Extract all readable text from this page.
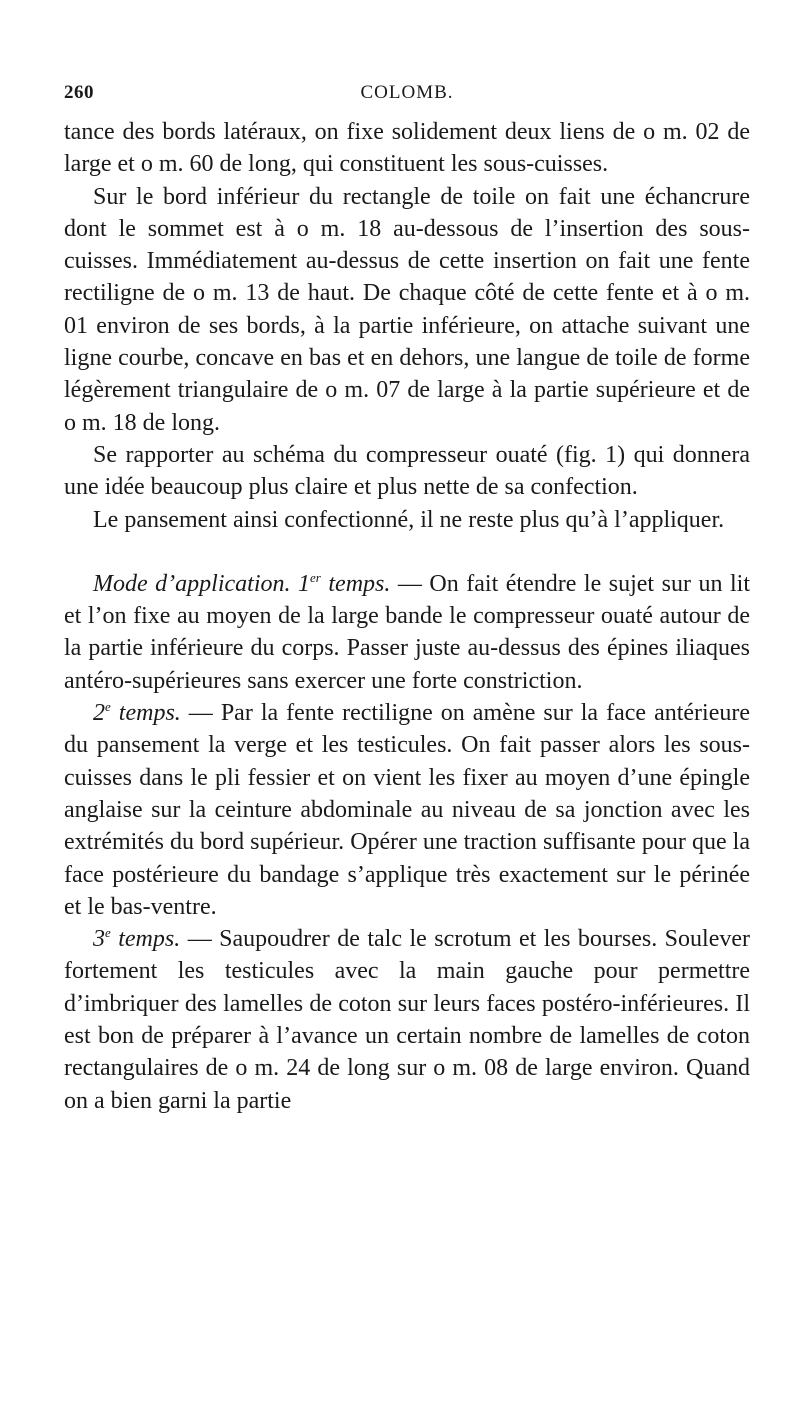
260	COLOMB.

tance des bords latéraux, on fixe solidement deux liens de o m. 02 de large et o m. 60 de long, qui constituent les sous-cuisses.

Sur le bord inférieur du rectangle de toile on fait une échancrure dont le sommet est à o m. 18 au-dessous de l’insertion des sous-cuisses. Immédiatement au-dessus de cette insertion on fait une fente rectiligne de o m. 13 de haut. De chaque côté de cette fente et à o m. 01 environ de ses bords, à la partie inférieure, on attache suivant une ligne courbe, concave en bas et en dehors, une langue de toile de forme légèrement triangulaire de o m. 07 de large à la partie supérieure et de o m. 18 de long.

Se rapporter au schéma du compresseur ouaté (fig. 1) qui donnera une idée beaucoup plus claire et plus nette de sa confection.

Le pansement ainsi confectionné, il ne reste plus qu’à l’appliquer.

Mode d’application. 1er temps. — On fait étendre le sujet sur un lit et l’on fixe au moyen de la large bande le compresseur ouaté autour de la partie inférieure du corps. Passer juste au-dessus des épines iliaques antéro-supérieures sans exercer une forte constriction.

2e temps. — Par la fente rectiligne on amène sur la face antérieure du pansement la verge et les testicules. On fait passer alors les sous-cuisses dans le pli fessier et on vient les fixer au moyen d’une épingle anglaise sur la ceinture abdominale au niveau de sa jonction avec les extrémités du bord supérieur. Opérer une traction suffisante pour que la face postérieure du bandage s’applique très exactement sur le périnée et le bas-ventre.

3e temps. — Saupoudrer de talc le scrotum et les bourses. Soulever fortement les testicules avec la main gauche pour permettre d’imbriquer des lamelles de coton sur leurs faces postéro-inférieures. Il est bon de préparer à l’avance un certain nombre de lamelles de coton rectangulaires de o m. 24 de long sur o m. 08 de large environ. Quand on a bien garni la partie
